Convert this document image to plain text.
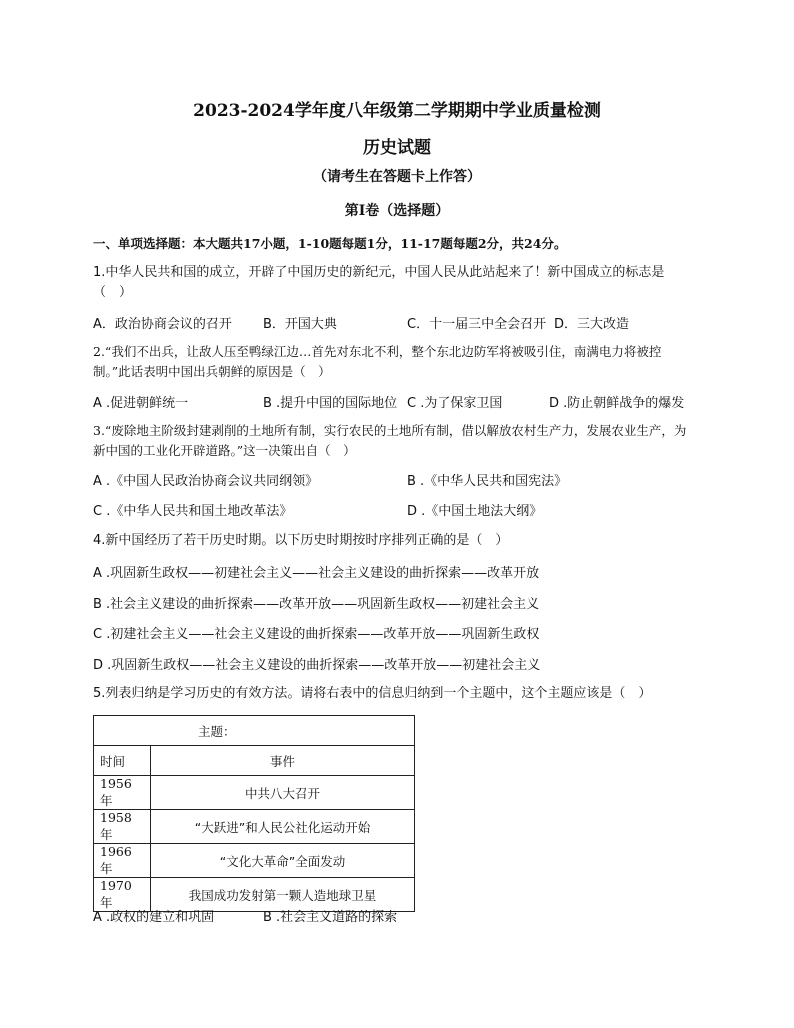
2023-2024学年度八年级第二学期期中学业质量检测
历史试题
（请考生在答题卡上作答）
第I卷（选择题）
一、单项选择题：本大题共17小题，1-10题每题1分，11-17题每题2分，共24分。
1.中华人民共和国的成立，开辟了中国历史的新纪元，中国人民从此站起来了！新中国成立的标志是（　）
A．政治协商会议的召开 B．开国大典	C．十一届三中全会召开 D．三大改造
2.“我们不出兵，让敌人压至鸭绿江边…首先对东北不利，整个东北边防军将被吸引住，南满电力将被控制。”此话表明中国出兵朝鲜的原因是（　）
A .促进朝鲜统一	B .提升中国的国际地位 C .为了保家卫国	D .防止朝鲜战争的爆发
3.“废除地主阶级封建剥削的土地所有制，实行农民的土地所有制，借以解放农村生产力，发展农业生产，为新中国的工业化开辟道路。”这一决策出自（　）
A .《中国人民政治协商会议共同纲领》	B .《中华人民共和国宪法》
C .《中华人民共和国土地改革法》	D .《中国土地法大纲》
4.新中国经历了若干历史时期。以下历史时期按时序排列正确的是（　）
A .巩固新生政权——初建社会主义——社会主义建设的曲折探索——改革开放
B .社会主义建设的曲折探索——改革开放——巩固新生政权——初建社会主义
C .初建社会主义——社会主义建设的曲折探索——改革开放——巩固新生政权
D .巩固新生政权——社会主义建设的曲折探索——改革开放——初建社会主义
5.列表归纳是学习历史的有效方法。请将右表中的信息归纳到一个主题中，这个主题应该是（　）
主题：	
时间	事件
1956年	中共八大召开
1958年	“大跃进”和人民公社化运动开始
1966年	“文化大革命”全面发动
1970年	我国成功发射第一颗人造地球卫星
A .政权的建立和巩固	B .社会主义道路的探索
